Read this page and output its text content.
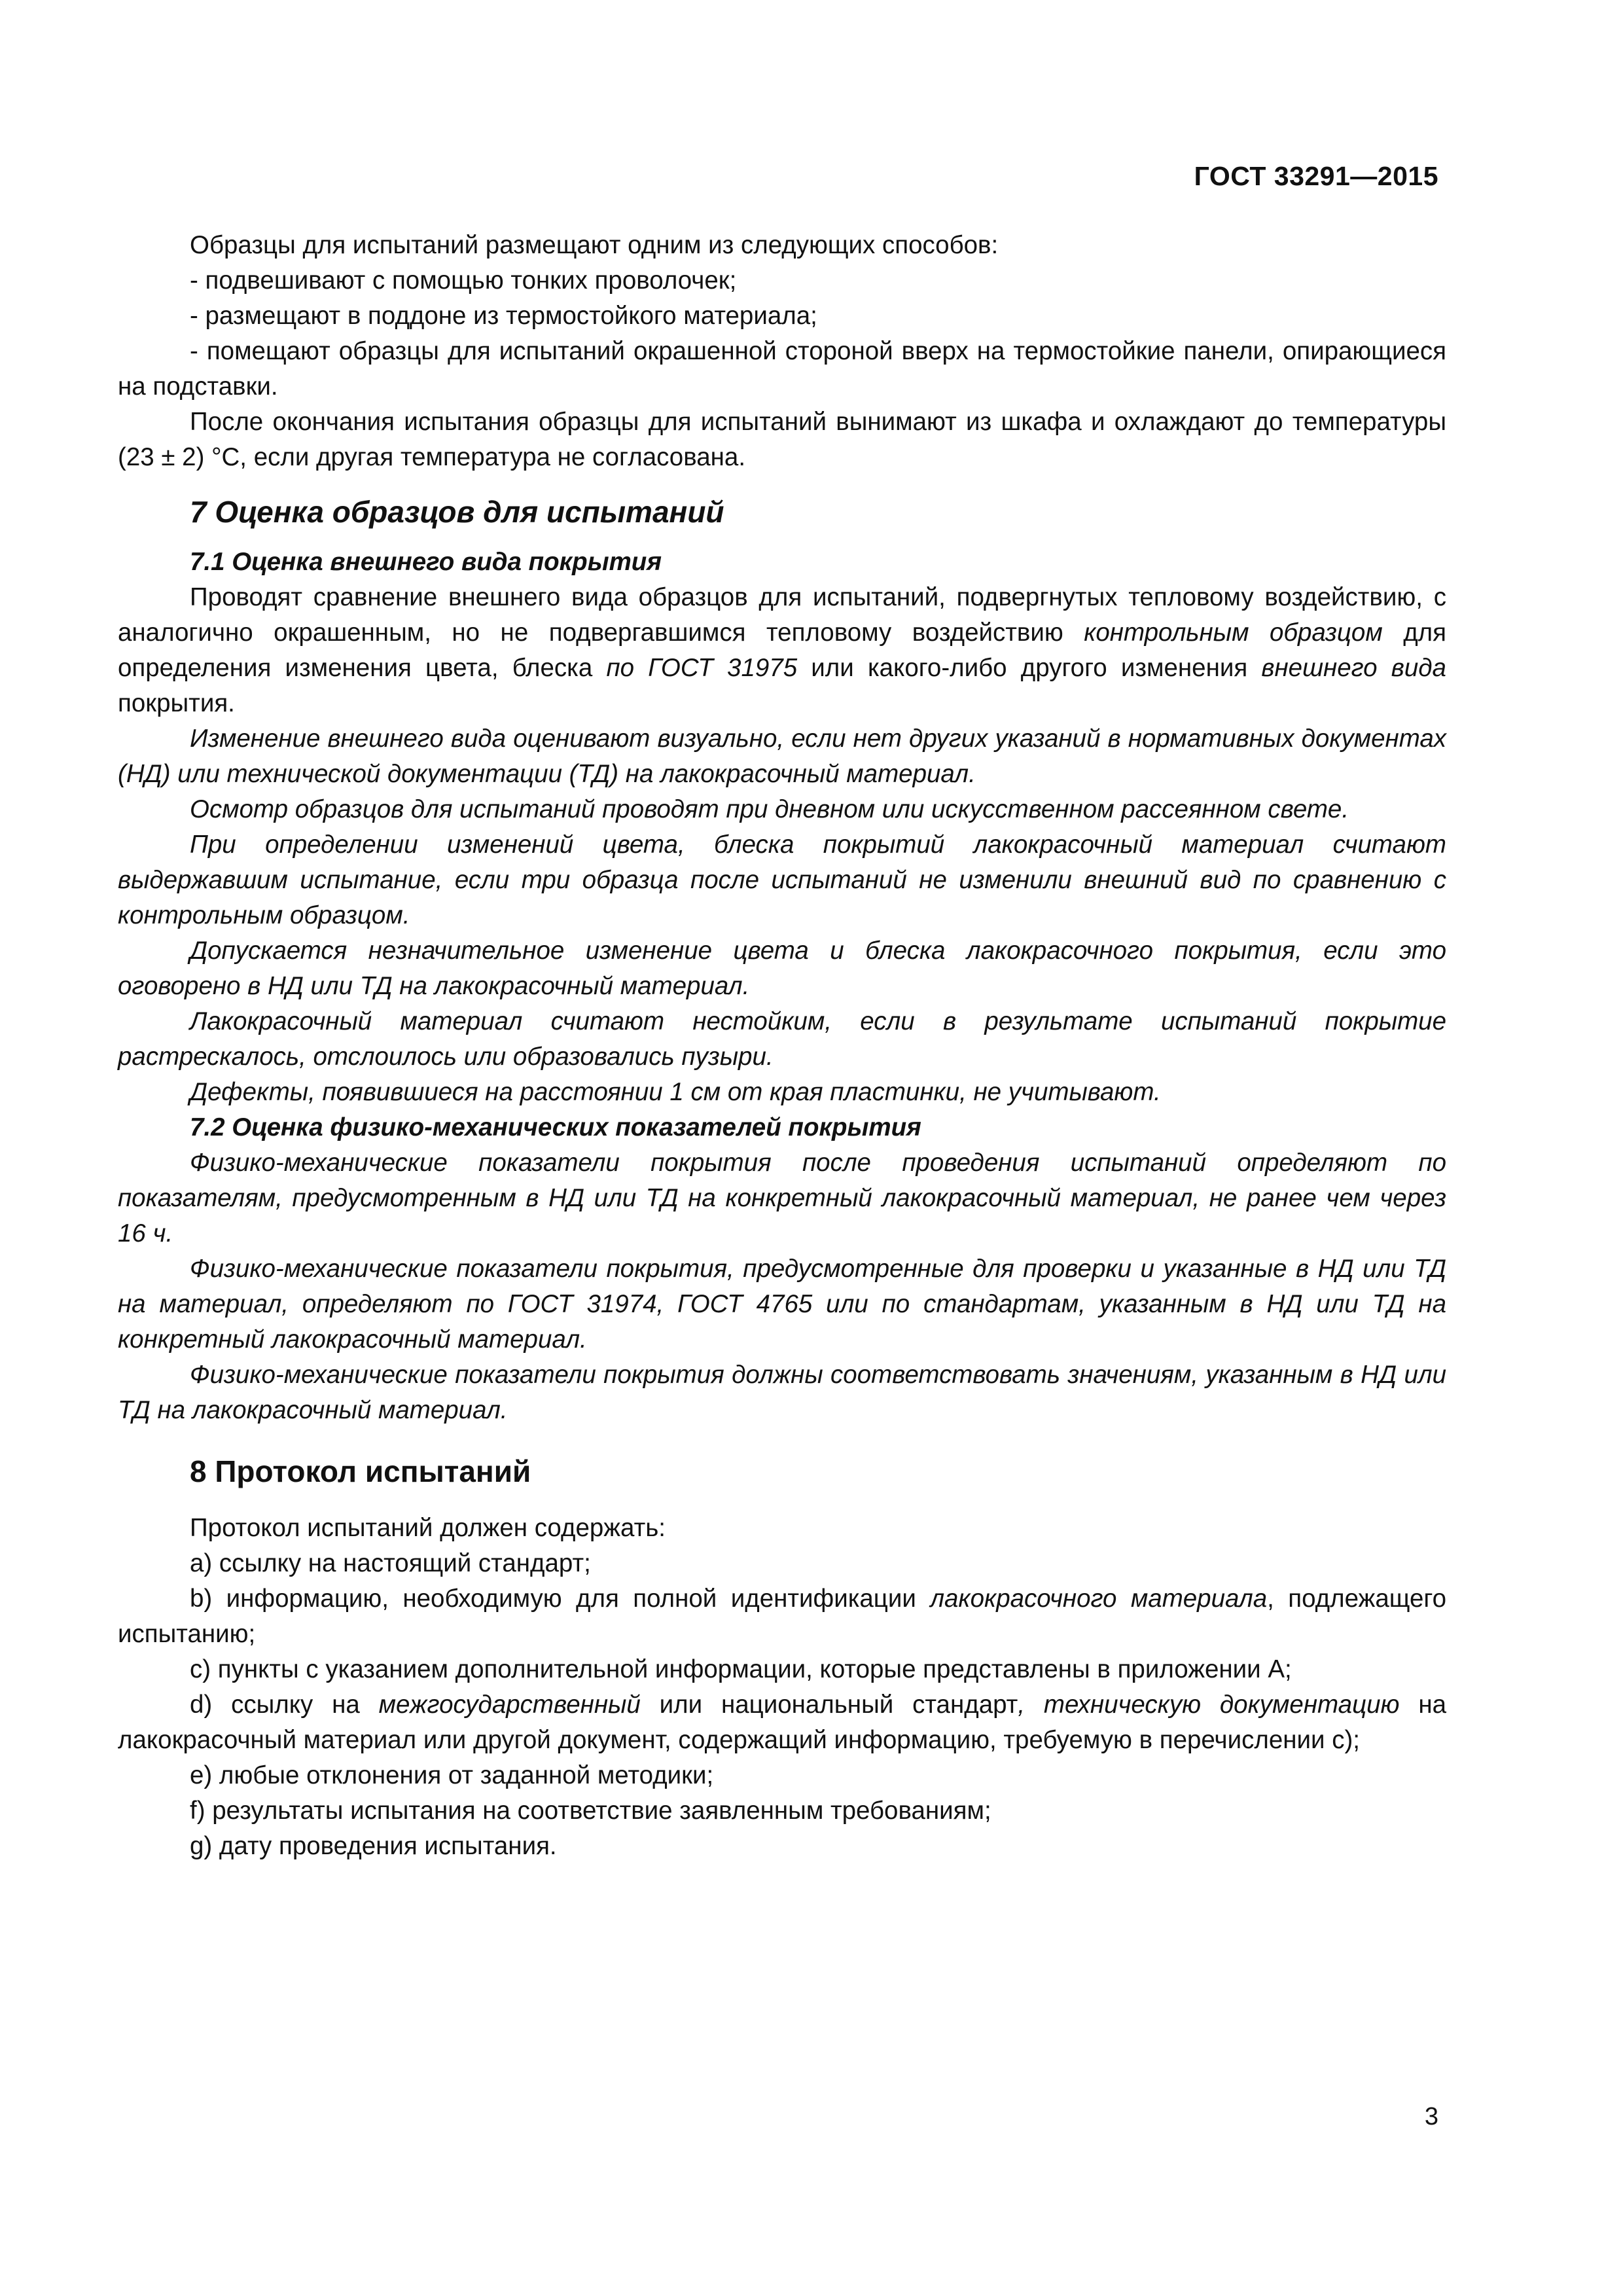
ГОСТ 33291—2015

Образцы для испытаний размещают одним из следующих способов:

- подвешивают с помощью тонких проволочек;

- размещают в поддоне из термостойкого материала;

- помещают образцы для испытаний окрашенной стороной вверх на термостойкие панели, опирающиеся на подставки.

После окончания испытания образцы для испытаний вынимают из шкафа и охлаждают до температуры (23 ± 2) °С, если другая температура не согласована.

7 Оценка образцов для испытаний
7.1 Оценка внешнего вида покрытия

Проводят сравнение внешнего вида образцов для испытаний, подвергнутых тепловому воздействию, с аналогично окрашенным, но не подвергавшимся тепловому воздействию контрольным образцом для определения изменения цвета, блеска по ГОСТ 31975 или какого-либо другого изменения внешнего вида покрытия.

Изменение внешнего вида оценивают визуально, если нет других указаний в нормативных документах (НД) или технической документации (ТД) на лакокрасочный материал.

Осмотр образцов для испытаний проводят при дневном или искусственном рассеянном свете.

При определении изменений цвета, блеска покрытий лакокрасочный материал считают выдержавшим испытание, если три образца после испытаний не изменили внешний вид по сравнению с контрольным образцом.

Допускается незначительное изменение цвета и блеска лакокрасочного покрытия, если это оговорено в НД или ТД на лакокрасочный материал.

Лакокрасочный материал считают нестойким, если в результате испытаний покрытие растрескалось, отслоилось или образовались пузыри.

Дефекты, появившиеся на расстоянии 1 см от края пластинки, не учитывают.

7.2 Оценка физико-механических показателей покрытия

Физико-механические показатели покрытия после проведения испытаний определяют по показателям, предусмотренным в НД или ТД на конкретный лакокрасочный материал, не ранее чем через 16 ч.

Физико-механические показатели покрытия, предусмотренные для проверки и указанные в НД или ТД на материал, определяют по ГОСТ 31974, ГОСТ 4765 или по стандартам, указанным в НД или ТД на конкретный лакокрасочный материал.

Физико-механические показатели покрытия должны соответствовать значениям, указанным в НД или ТД на лакокрасочный материал.

8 Протокол испытаний

Протокол испытаний должен содержать:

a) ссылку на настоящий стандарт;

b) информацию, необходимую для полной идентификации лакокрасочного материала, подлежащего испытанию;

c) пункты с указанием дополнительной информации, которые представлены в приложении А;

d) ссылку на межгосударственный или национальный стандарт, техническую документацию на лакокрасочный материал или другой документ, содержащий информацию, требуемую в перечислении с);

e) любые отклонения от заданной методики;

f) результаты испытания на соответствие заявленным требованиям;

g) дату проведения испытания.

3
